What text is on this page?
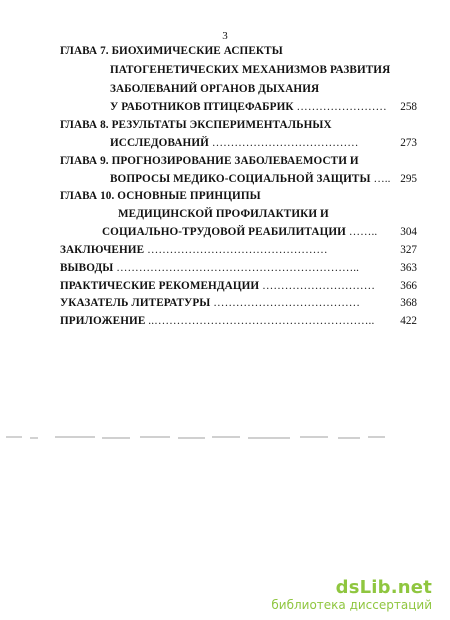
3
ГЛАВА 7. БИОХИМИЧЕСКИЕ АСПЕКТЫ
ПАТОГЕНЕТИЧЕСКИХ МЕХАНИЗМОВ РАЗВИТИЯ
ЗАБОЛЕВАНИЙ ОРГАНОВ ДЫХАНИЯ
У РАБОТНИКОВ ПТИЦЕФАБРИК ……………………	258
ГЛАВА 8. РЕЗУЛЬТАТЫ ЭКСПЕРИМЕНТАЛЬНЫХ
ИССЛЕДОВАНИЙ …………………………………	273
ГЛАВА 9. ПРОГНОЗИРОВАНИЕ ЗАБОЛЕВАЕМОСТИ И
ВОПРОСЫ МЕДИКО-СОЦИАЛЬНОЙ ЗАЩИТЫ ….. 295
ГЛАВА 10. ОСНОВНЫЕ ПРИНЦИПЫ
МЕДИЦИНСКОЙ ПРОФИЛАКТИКИ И
СОЦИАЛЬНО-ТРУДОВОЙ РЕАБИЛИТАЦИИ ……..	304
ЗАКЛЮЧЕНИЕ …………………………………………	327
ВЫВОДЫ ………………………………………………………..	363
ПРАКТИЧЕСКИЕ РЕКОМЕНДАЦИИ …………………………	366
УКАЗАТЕЛЬ ЛИТЕРАТУРЫ …………………………………	368
ПРИЛОЖЕНИЕ ..…………………………………………………..	422
dsLib.net
библиотека диссертаций
